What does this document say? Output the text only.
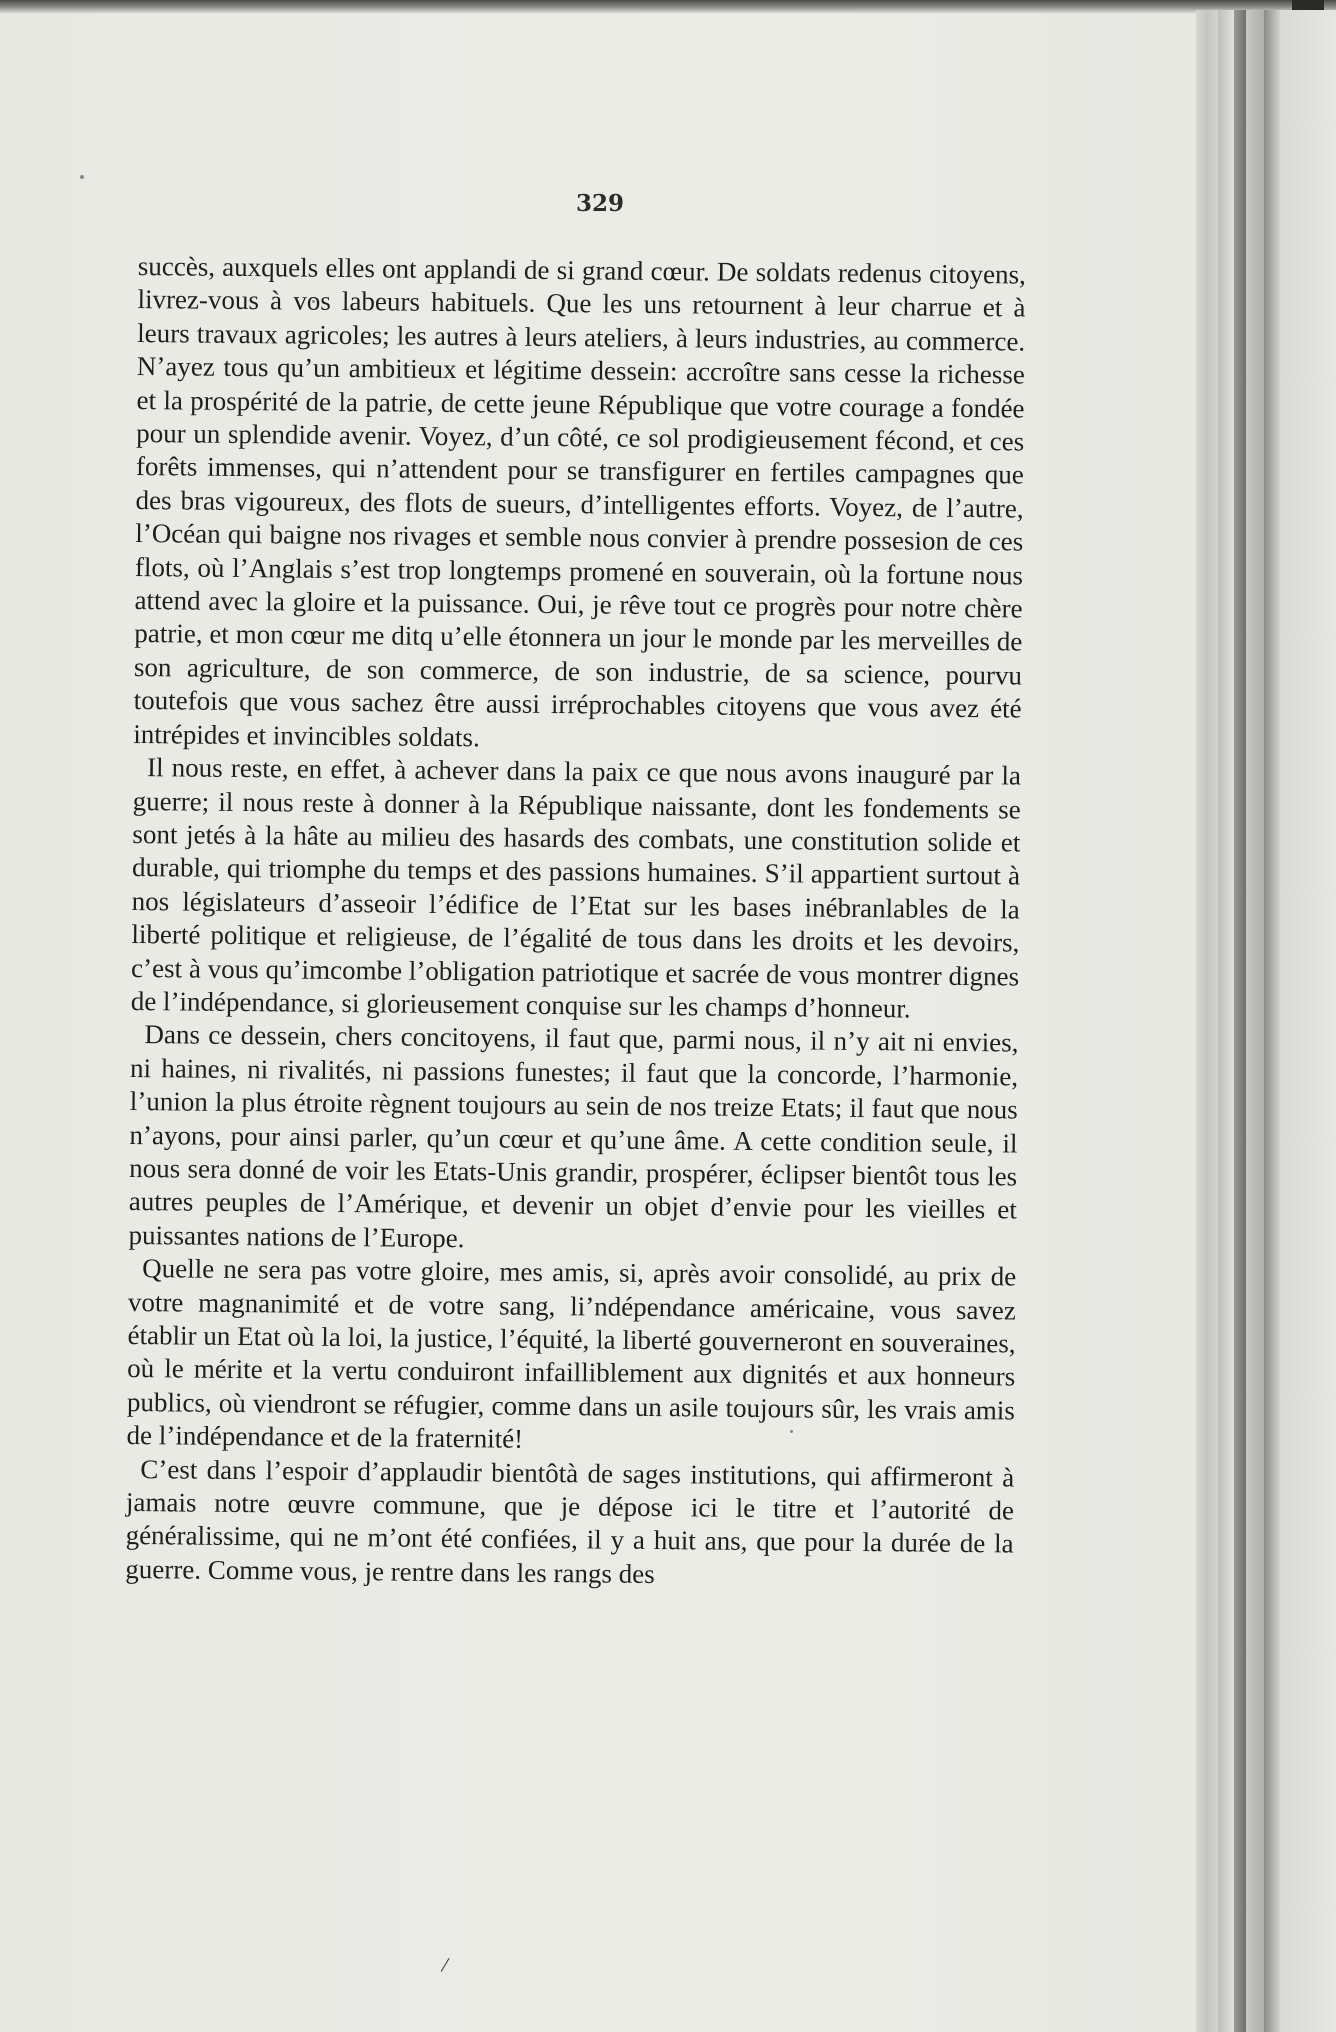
329

succès, auxquels elles ont applandi de si grand cœur. De soldats redenus citoyens, livrez-vous à vos labeurs habituels. Que les uns retournent à leur charrue et à leurs travaux agricoles; les autres à leurs ateliers, à leurs industries, au commerce. N’ayez tous qu’un ambitieux et légitime dessein: accroître sans cesse la richesse et la prospérité de la patrie, de cette jeune République que votre courage a fondée pour un splendide avenir. Voyez, d’un côté, ce sol prodigieusement fécond, et ces forêts immenses, qui n’attendent pour se transfigurer en fertiles campagnes que des bras vigoureux, des flots de sueurs, d’intelligentes efforts. Voyez, de l’autre, l’Océan qui baigne nos rivages et semble nous convier à prendre possesion de ces flots, où l’Anglais s’est trop longtemps promené en souverain, où la fortune nous attend avec la gloire et la puissance. Oui, je rêve tout ce progrès pour notre chère patrie, et mon cœur me ditq u’elle étonnera un jour le monde par les merveilles de son agriculture, de son commerce, de son industrie, de sa science, pourvu toutefois que vous sachez être aussi irréprochables citoyens que vous avez été intrépides et invincibles soldats.

Il nous reste, en effet, à achever dans la paix ce que nous avons inauguré par la guerre; il nous reste à donner à la République naissante, dont les fondements se sont jetés à la hâte au milieu des hasards des combats, une constitution solide et durable, qui triomphe du temps et des passions humaines. S’il appartient surtout à nos législateurs d’asseoir l’édifice de l’Etat sur les bases inébranlables de la liberté politique et religieuse, de l’égalité de tous dans les droits et les devoirs, c’est à vous qu’imcombe l’obligation patriotique et sacrée de vous montrer dignes de l’indépendance, si glorieusement conquise sur les champs d’honneur.

Dans ce dessein, chers concitoyens, il faut que, parmi nous, il n’y ait ni envies, ni haines, ni rivalités, ni passions funestes; il faut que la concorde, l’harmonie, l’union la plus étroite règnent toujours au sein de nos treize Etats; il faut que nous n’ayons, pour ainsi parler, qu’un cœur et qu’une âme. A cette condition seule, il nous sera donné de voir les Etats-Unis grandir, prospérer, éclipser bientôt tous les autres peuples de l’Amérique, et devenir un objet d’envie pour les vieilles et puissantes nations de l’Europe.

Quelle ne sera pas votre gloire, mes amis, si, après avoir consolidé, au prix de votre magnanimité et de votre sang, li’ndépendance américaine, vous savez établir un Etat où la loi, la justice, l’équité, la liberté gouverneront en souveraines, où le mérite et la vertu conduiront infailliblement aux dignités et aux honneurs publics, où viendront se réfugier, comme dans un asile toujours sûr, les vrais amis de l’indépendance et de la fraternité!

C’est dans l’espoir d’applaudir bientôtà de sages institutions, qui affirmeront à jamais notre œuvre commune, que je dépose ici le titre et l’autorité de généralissime, qui ne m’ont été confiées, il y a huit ans, que pour la durée de la guerre. Comme vous, je rentre dans les rangs des

/
